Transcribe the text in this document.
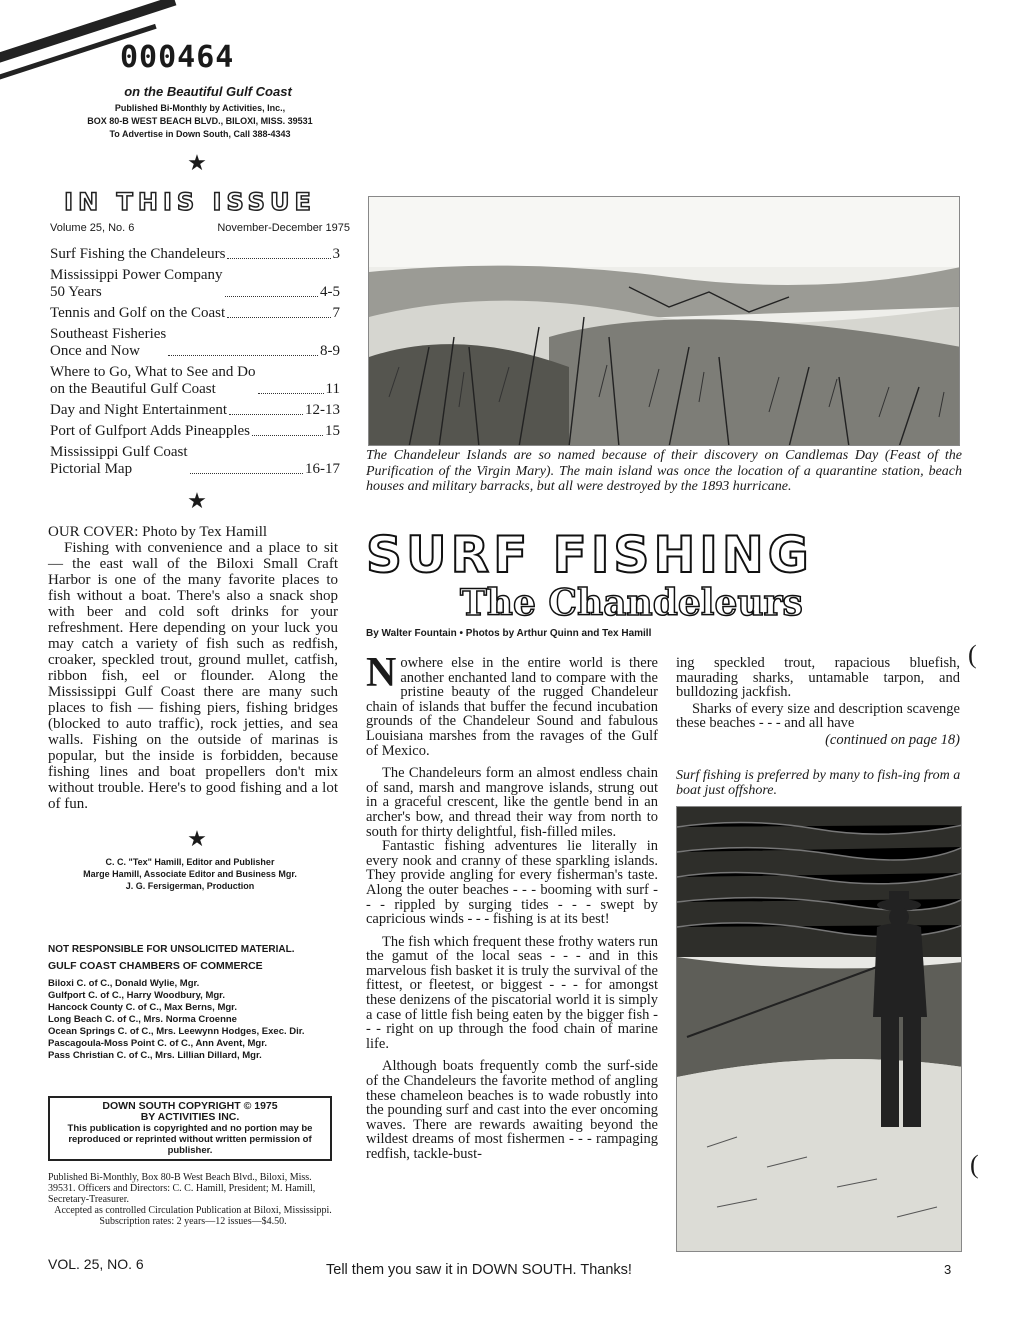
000464
on the Beautiful Gulf Coast
Published Bi-Monthly by Activities, Inc.,
BOX 80-B WEST BEACH BLVD., BILOXI, MISS. 39531
To Advertise in Down South, Call 388-4343
★
IN THIS ISSUE
Volume 25, No. 6	November-December 1975
Surf Fishing the Chandeleurs	3
Mississippi Power Company
50 Years	4-5
Tennis and Golf on the Coast	7
Southeast Fisheries
Once and Now	8-9
Where to Go, What to See and Do
on the Beautiful Gulf Coast	11
Day and Night Entertainment	12-13
Port of Gulfport Adds Pineapples	15
Mississippi Gulf Coast
Pictorial Map	16-17
★
OUR COVER: Photo by Tex Hamill
Fishing with convenience and a place to sit — the east wall of the Biloxi Small Craft Harbor is one of the many favorite places to fish without a boat. There's also a snack shop with beer and cold soft drinks for your refreshment. Here depending on your luck you may catch a variety of fish such as redfish, croaker, speckled trout, ground mullet, catfish, ribbon fish, eel or flounder. Along the Mississippi Gulf Coast there are many such places to fish — fishing piers, fishing bridges (blocked to auto traffic), rock jetties, and sea walls. Fishing on the outside of marinas is popular, but the inside is forbidden, because fishing lines and boat propellers don't mix without trouble. Here's to good fishing and a lot of fun.
★
C. C. "Tex" Hamill, Editor and Publisher
Marge Hamill, Associate Editor and Business Mgr.
J. G. Fersigerman, Production
NOT RESPONSIBLE FOR UNSOLICITED MATERIAL.
GULF COAST CHAMBERS OF COMMERCE
Biloxi C. of C., Donald Wylie, Mgr.
Gulfport C. of C., Harry Woodbury, Mgr.
Hancock County C. of C., Max Berns, Mgr.
Long Beach C. of C., Mrs. Norma Croenne
Ocean Springs C. of C., Mrs. Leewynn Hodges, Exec. Dir.
Pascagoula-Moss Point C. of C., Ann Avent, Mgr.
Pass Christian C. of C., Mrs. Lillian Dillard, Mgr.
DOWN SOUTH COPYRIGHT © 1975
BY ACTIVITIES INC.
This publication is copyrighted and no portion may be reproduced or reprinted without written permission of publisher.
Published Bi-Monthly, Box 80-B West Beach Blvd., Biloxi, Miss. 39531. Officers and Directors: C. C. Hamill, President; M. Hamill, Secretary-Treasurer.
Accepted as controlled Circulation Publication at Biloxi, Mississippi.
Subscription rates: 2 years—12 issues—$4.50.
The Chandeleur Islands are so named because of their discovery on Candlemas Day (Feast of the Purification of the Virgin Mary). The main island was once the location of a quarantine station, beach houses and military barracks, but all were destroyed by the 1893 hurricane.
SURF FISHING
The Chandeleurs
By Walter Fountain • Photos by Arthur Quinn and Tex Hamill

Nowhere else in the entire world is there another enchanted land to compare with the pristine beauty of the rugged Chandeleur chain of islands that buffer the fecund incubation grounds of the Chandeleur Sound and fabulous Louisiana marshes from the ravages of the Gulf of Mexico.

The Chandeleurs form an almost endless chain of sand, marsh and mangrove islands, strung out in a graceful crescent, like the gentle bend in an archer's bow, and thread their way from north to south for thirty delightful, fish-filled miles.

Fantastic fishing adventures lie literally in every nook and cranny of these sparkling islands. They provide angling for every fisherman's taste. Along the outer beaches - - - booming with surf - - - rippled by surging tides - - - swept by capricious winds - - - fishing is at its best!

The fish which frequent these frothy waters run the gamut of the local seas - - - and in this marvelous fish basket it is truly the survival of the fittest, or fleetest, or biggest - - - for amongst these denizens of the piscatorial world it is simply a case of little fish being eaten by the bigger fish - - - right on up through the food chain of marine life.

Although boats frequently comb the surf-side of the Chandeleurs the favorite method of angling these chameleon beaches is to wade robustly into the pounding surf and cast into the ever oncoming waves. There are rewards awaiting beyond the wildest dreams of most fishermen - - - rampaging redfish, tackle-bust-

ing speckled trout, rapacious bluefish, maurading sharks, untamable tarpon, and bulldozing jackfish.

Sharks of every size and description scavenge these beaches - - - and all have

(continued on page 18)

(
Surf fishing is preferred by many to fish-ing from a boat just offshore.
(
VOL. 25, NO. 6	Tell them you saw it in DOWN SOUTH. Thanks!	3
